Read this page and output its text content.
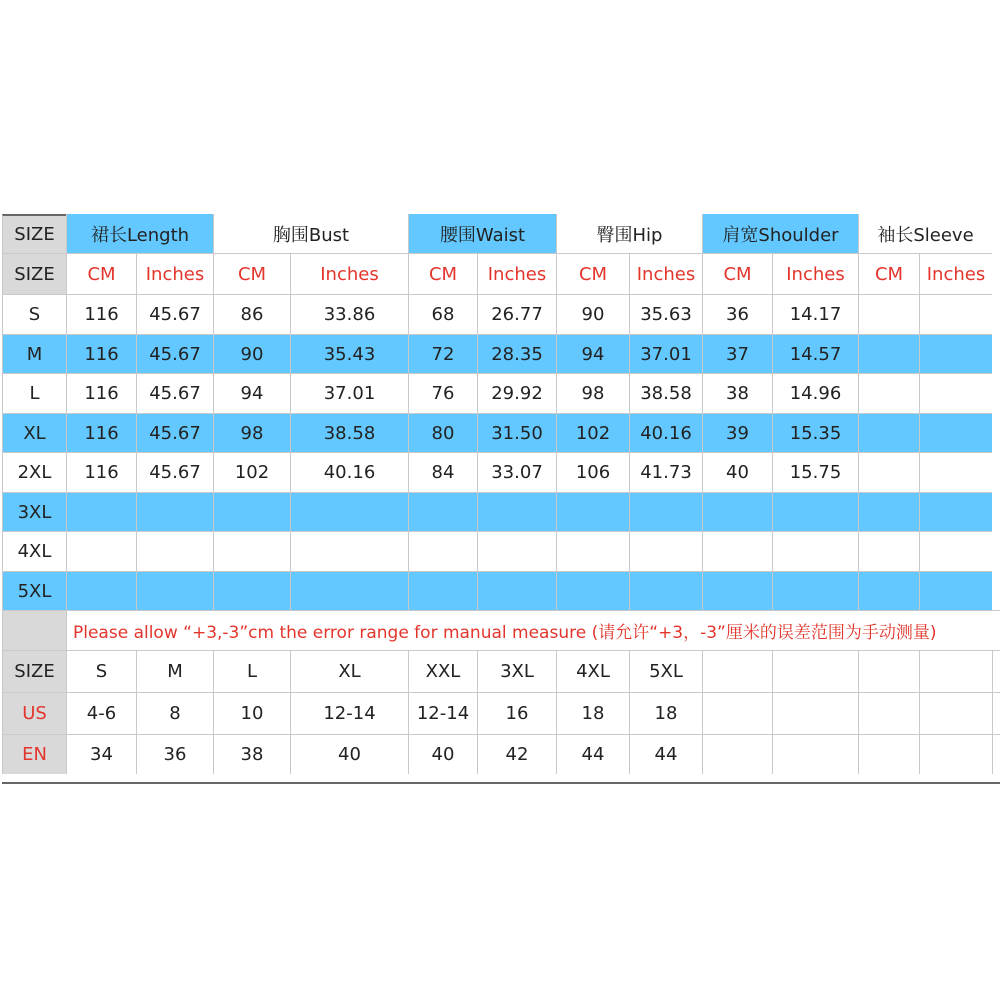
SIZE	裙长Length	胸围Bust	腰围Waist	臀围Hip	肩宽Shoulder	袖长Sleeve
SIZE	CM	Inches	CM	Inches	CM	Inches	CM	Inches	CM	Inches	CM	Inches
S	116	45.67	86	33.86	68	26.77	90	35.63	36	14.17
M	116	45.67	90	35.43	72	28.35	94	37.01	37	14.57
L	116	45.67	94	37.01	76	29.92	98	38.58	38	14.96
XL	116	45.67	98	38.58	80	31.50	102	40.16	39	15.35
2XL	116	45.67	102	40.16	84	33.07	106	41.73	40	15.75
3XL
4XL
5XL
Please allow “+3,-3”cm the error range for manual measure (请允许“+3，-3”厘米的误差范围为手动测量)
SIZE	S	M	L	XL	XXL	3XL	4XL	5XL
US	4-6	8	10	12-14	12-14	16	18	18
EN	34	36	38	40	40	42	44	44
